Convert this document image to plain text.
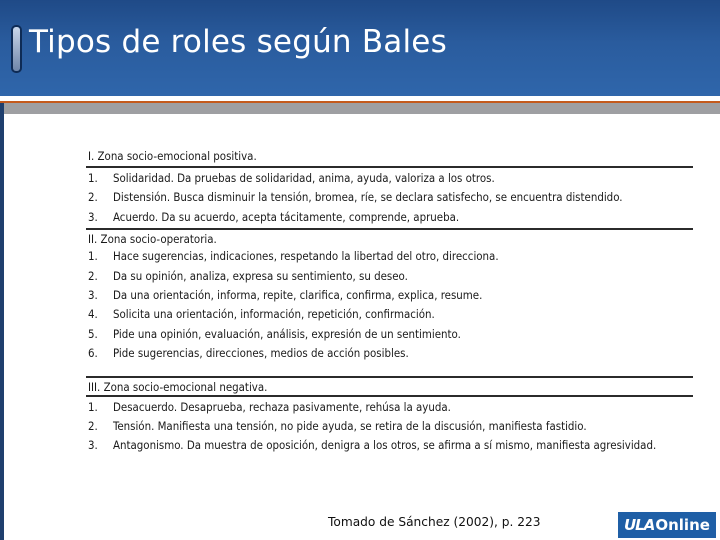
Tipos de roles según Bales
I. Zona socio-emocional positiva.
1.	Solidaridad. Da pruebas de solidaridad, anima, ayuda, valoriza a los otros.
2.	Distensión. Busca disminuir la tensión, bromea, ríe, se declara satisfecho, se encuentra distendido.
3.	Acuerdo. Da su acuerdo, acepta tácitamente, comprende, aprueba.
II. Zona socio-operatoria.
1.	Hace sugerencias, indicaciones, respetando la libertad del otro, direcciona.
2.	Da su opinión, analiza, expresa su sentimiento, su deseo.
3.	Da una orientación, informa, repite, clarifica, confirma, explica, resume.
4.	Solicita una orientación, información, repetición, confirmación.
5.	Pide una opinión, evaluación, análisis, expresión de un sentimiento.
6.	Pide sugerencias, direcciones, medios de acción posibles.
III. Zona socio-emocional negativa.
1.	Desacuerdo. Desaprueba, rechaza pasivamente, rehúsa la ayuda.
2.	Tensión. Manifiesta una tensión, no pide ayuda, se retira de la discusión, manifiesta fastidio.
3.	Antagonismo. Da muestra de oposición, denigra a los otros, se afirma a sí mismo, manifiesta agresividad.
Tomado de Sánchez (2002), p. 223	ULA Online
